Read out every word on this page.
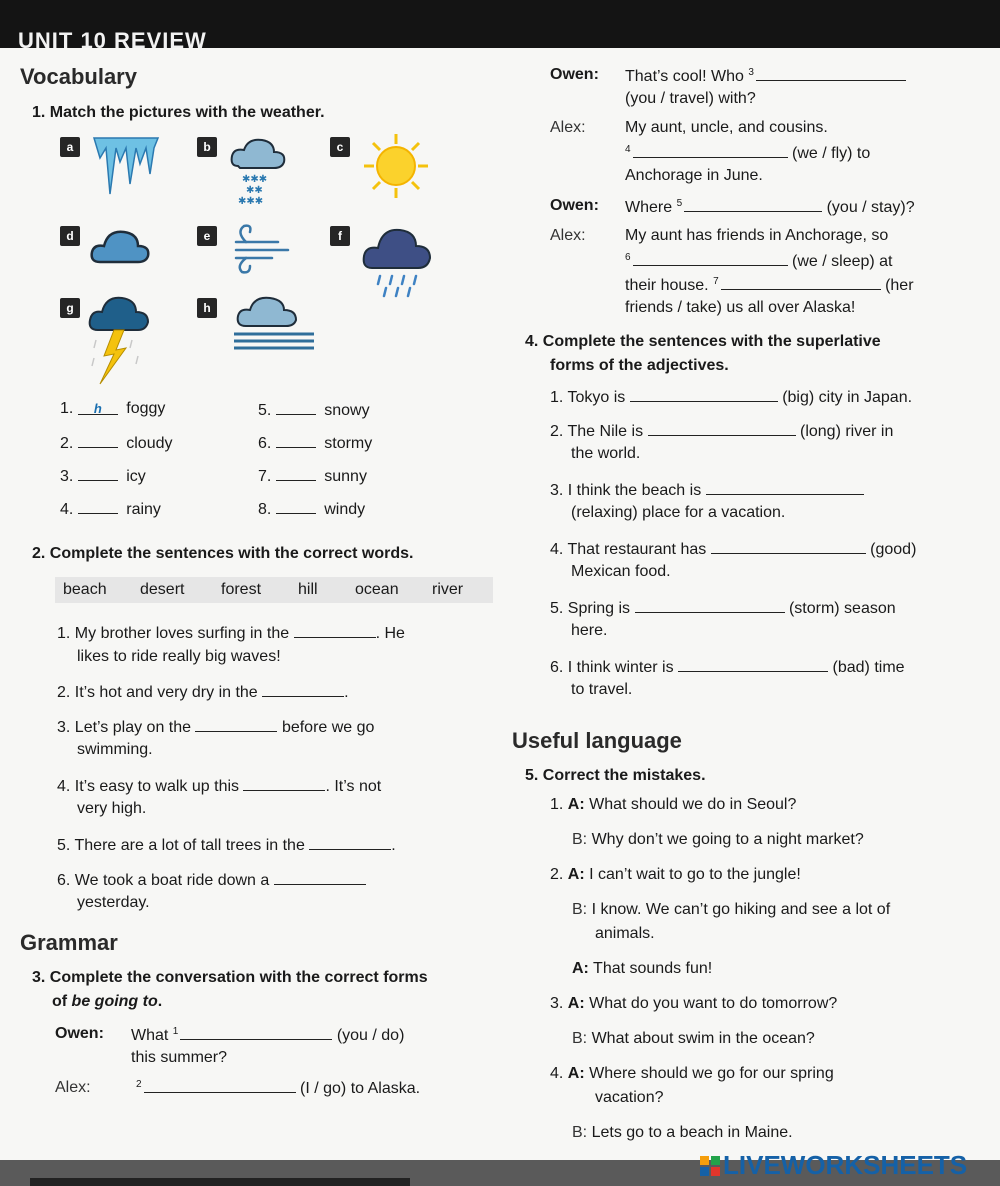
UNIT 10 REVIEW
Vocabulary
1. Match the pictures with the weather.
a	b	c
d	e	f
g	h
✱✱✱
✱✱
✱✱✱
1. h foggy
2.	cloudy
3.	icy
4.	rainy
5.	snowy
6.	stormy
7.	sunny
8.	windy
2. Complete the sentences with the correct words.
beach desert forest hill ocean river
1. My brother loves surfing in the	. He
likes to ride really big waves!
2. It’s hot and very dry in the	.
3. Let’s play on the	before we go
swimming.
4. It’s easy to walk up this	. It’s not
very high.
5. There are a lot of tall trees in the	.
6. We took a boat ride down a
yesterday.
Grammar
3. Complete the conversation with the correct forms
of be going to.
Owen: What $^1$	(you / do)
this summer?
Alex:	$^2$	(I / go) to Alaska.
Owen: That’s cool! Who $^3$
(you / travel) with?
Alex: My aunt, uncle, and cousins.
$^4$	(we / fly) to
Anchorage in June.
Owen: Where $^5$	(you / stay)?
Alex: My aunt has friends in Anchorage, so
$^6$	(we / sleep) at
their house. $^7$	(her
friends / take) us all over Alaska!
4. Complete the sentences with the superlative
forms of the adjectives.
1. Tokyo is	(big) city in Japan.
2. The Nile is	(long) river in
the world.
3. I think the beach is
(relaxing) place for a vacation.
4. That restaurant has	(good)
Mexican food.
5. Spring is	(storm) season
here.
6. I think winter is	(bad) time
to travel.
Useful language
5. Correct the mistakes.
1. A: What should we do in Seoul?
B: Why don’t we going to a night market?
2. A: I can’t wait to go to the jungle!
B: I know. We can’t go hiking and see a lot of
animals.
A: That sounds fun!
3. A: What do you want to do tomorrow?
B: What about swim in the ocean?
4. A: Where should we go for our spring
vacation?
B: Lets go to a beach in Maine.
LIVEWORKSHEETS
